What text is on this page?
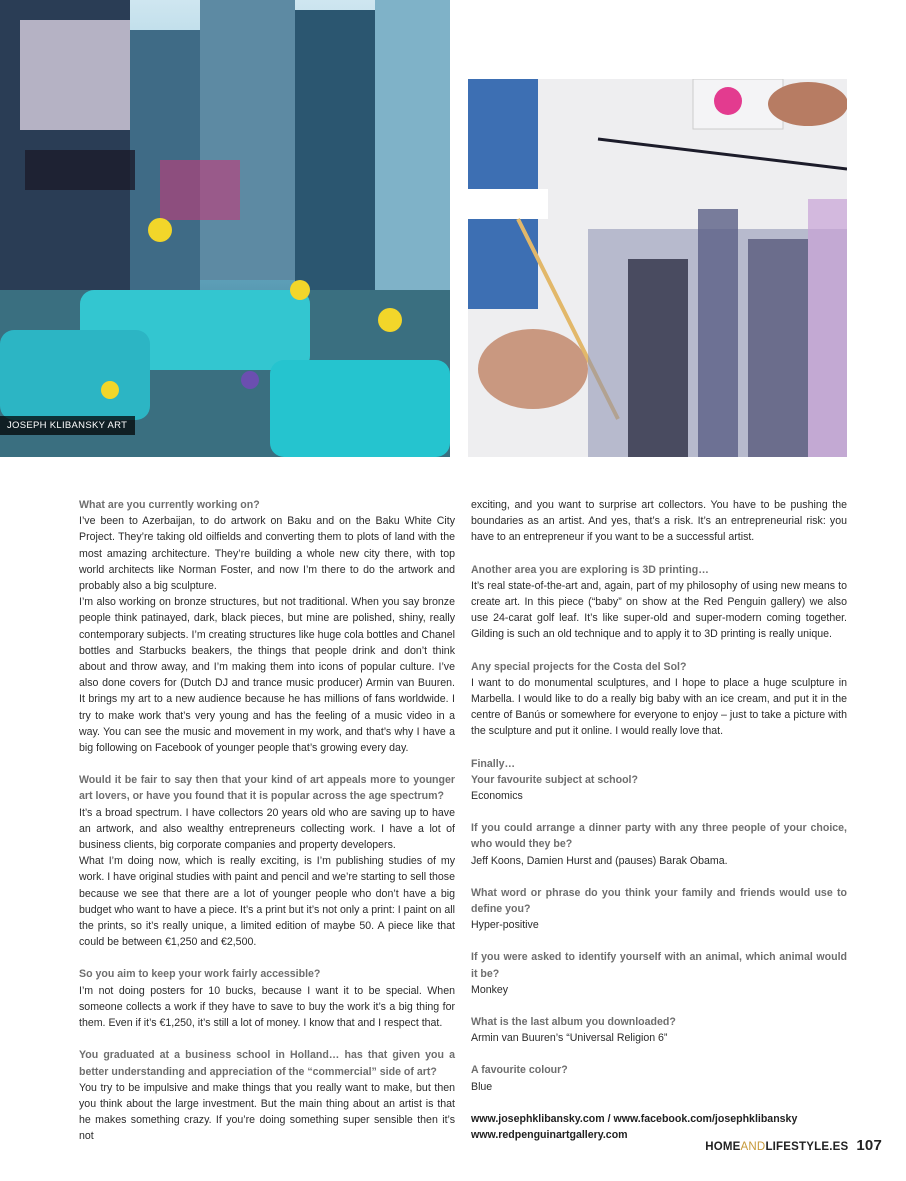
JOSEPH KLIBANSKY ART

What are you currently working on?

I’ve been to Azerbaijan, to do artwork on Baku and on the Baku White City Project. They’re taking old oilfields and converting them to plots of land with the most amazing architecture. They’re building a whole new city there, with top world architects like Norman Foster, and now I’m there to do the artwork and probably also a big sculpture.

I’m also working on bronze structures, but not traditional. When you say bronze people think patinayed, dark, black pieces, but mine are polished, shiny, really contemporary subjects. I’m creating structures like huge cola bottles and Chanel bottles and Starbucks beakers, the things that people drink and don’t think about and throw away, and I’m making them into icons of popular culture. I’ve also done covers for (Dutch DJ and trance music producer) Armin van Buuren. It brings my art to a new audience because he has millions of fans worldwide. I try to make work that’s very young and has the feeling of a music video in a way. You can see the music and movement in my work, and that’s why I have a big following on Facebook of younger people that’s growing every day.

Would it be fair to say then that your kind of art appeals more to younger art lovers, or have you found that it is popular across the age spectrum?

It’s a broad spectrum. I have collectors 20 years old who are saving up to have an artwork, and also wealthy entrepreneurs collecting work. I have a lot of business clients, big corporate companies and property developers.

What I’m doing now, which is really exciting, is I’m publishing studies of my work. I have original studies with paint and pencil and we’re starting to sell those because we see that there are a lot of younger people who don’t have a big budget who want to have a piece. It’s a print but it’s not only a print: I paint on all the prints, so it’s really unique, a limited edition of maybe 50. A piece like that could be between €1,250 and €2,500.

So you aim to keep your work fairly accessible?

I’m not doing posters for 10 bucks, because I want it to be special. When someone collects a work if they have to save to buy the work it’s a big thing for them. Even if it’s €1,250, it’s still a lot of money. I know that and I respect that.

You graduated at a business school in Holland… has that given you a better understanding and appreciation of the “commercial” side of art?

You try to be impulsive and make things that you really want to make, but then you think about the large investment. But the main thing about an artist is that he makes something crazy. If you’re doing something super sensible then it’s not

exciting, and you want to surprise art collectors. You have to be pushing the boundaries as an artist. And yes, that’s a risk. It’s an entrepreneurial risk: you have to an entrepreneur if you want to be a successful artist.

Another area you are exploring is 3D printing…

It’s real state-of-the-art and, again, part of my philosophy of using new means to create art. In this piece (“baby” on show at the Red Penguin gallery) we also use 24-carat golf leaf. It’s like super-old and super-modern coming together. Gilding is such an old technique and to apply it to 3D printing is really unique.

Any special projects for the Costa del Sol?

I want to do monumental sculptures, and I hope to place a huge sculpture in Marbella. I would like to do a really big baby with an ice cream, and put it in the centre of Banús or somewhere for everyone to enjoy – just to take a picture with the sculpture and put it online. I would really love that.

Finally…
Your favourite subject at school?

Economics

If you could arrange a dinner party with any three people of your choice, who would they be?

Jeff Koons, Damien Hurst and (pauses) Barak Obama.

What word or phrase do you think your family and friends would use to define you?

Hyper-positive

If you were asked to identify yourself with an animal, which animal would it be?

Monkey

What is the last album you downloaded?

Armin van Buuren’s “Universal Religion 6”

A favourite colour?

Blue

www.josephklibansky.com / www.facebook.com/josephklibansky

www.redpenguinartgallery.com

HOMEANDLIFESTYLE.ES 107
